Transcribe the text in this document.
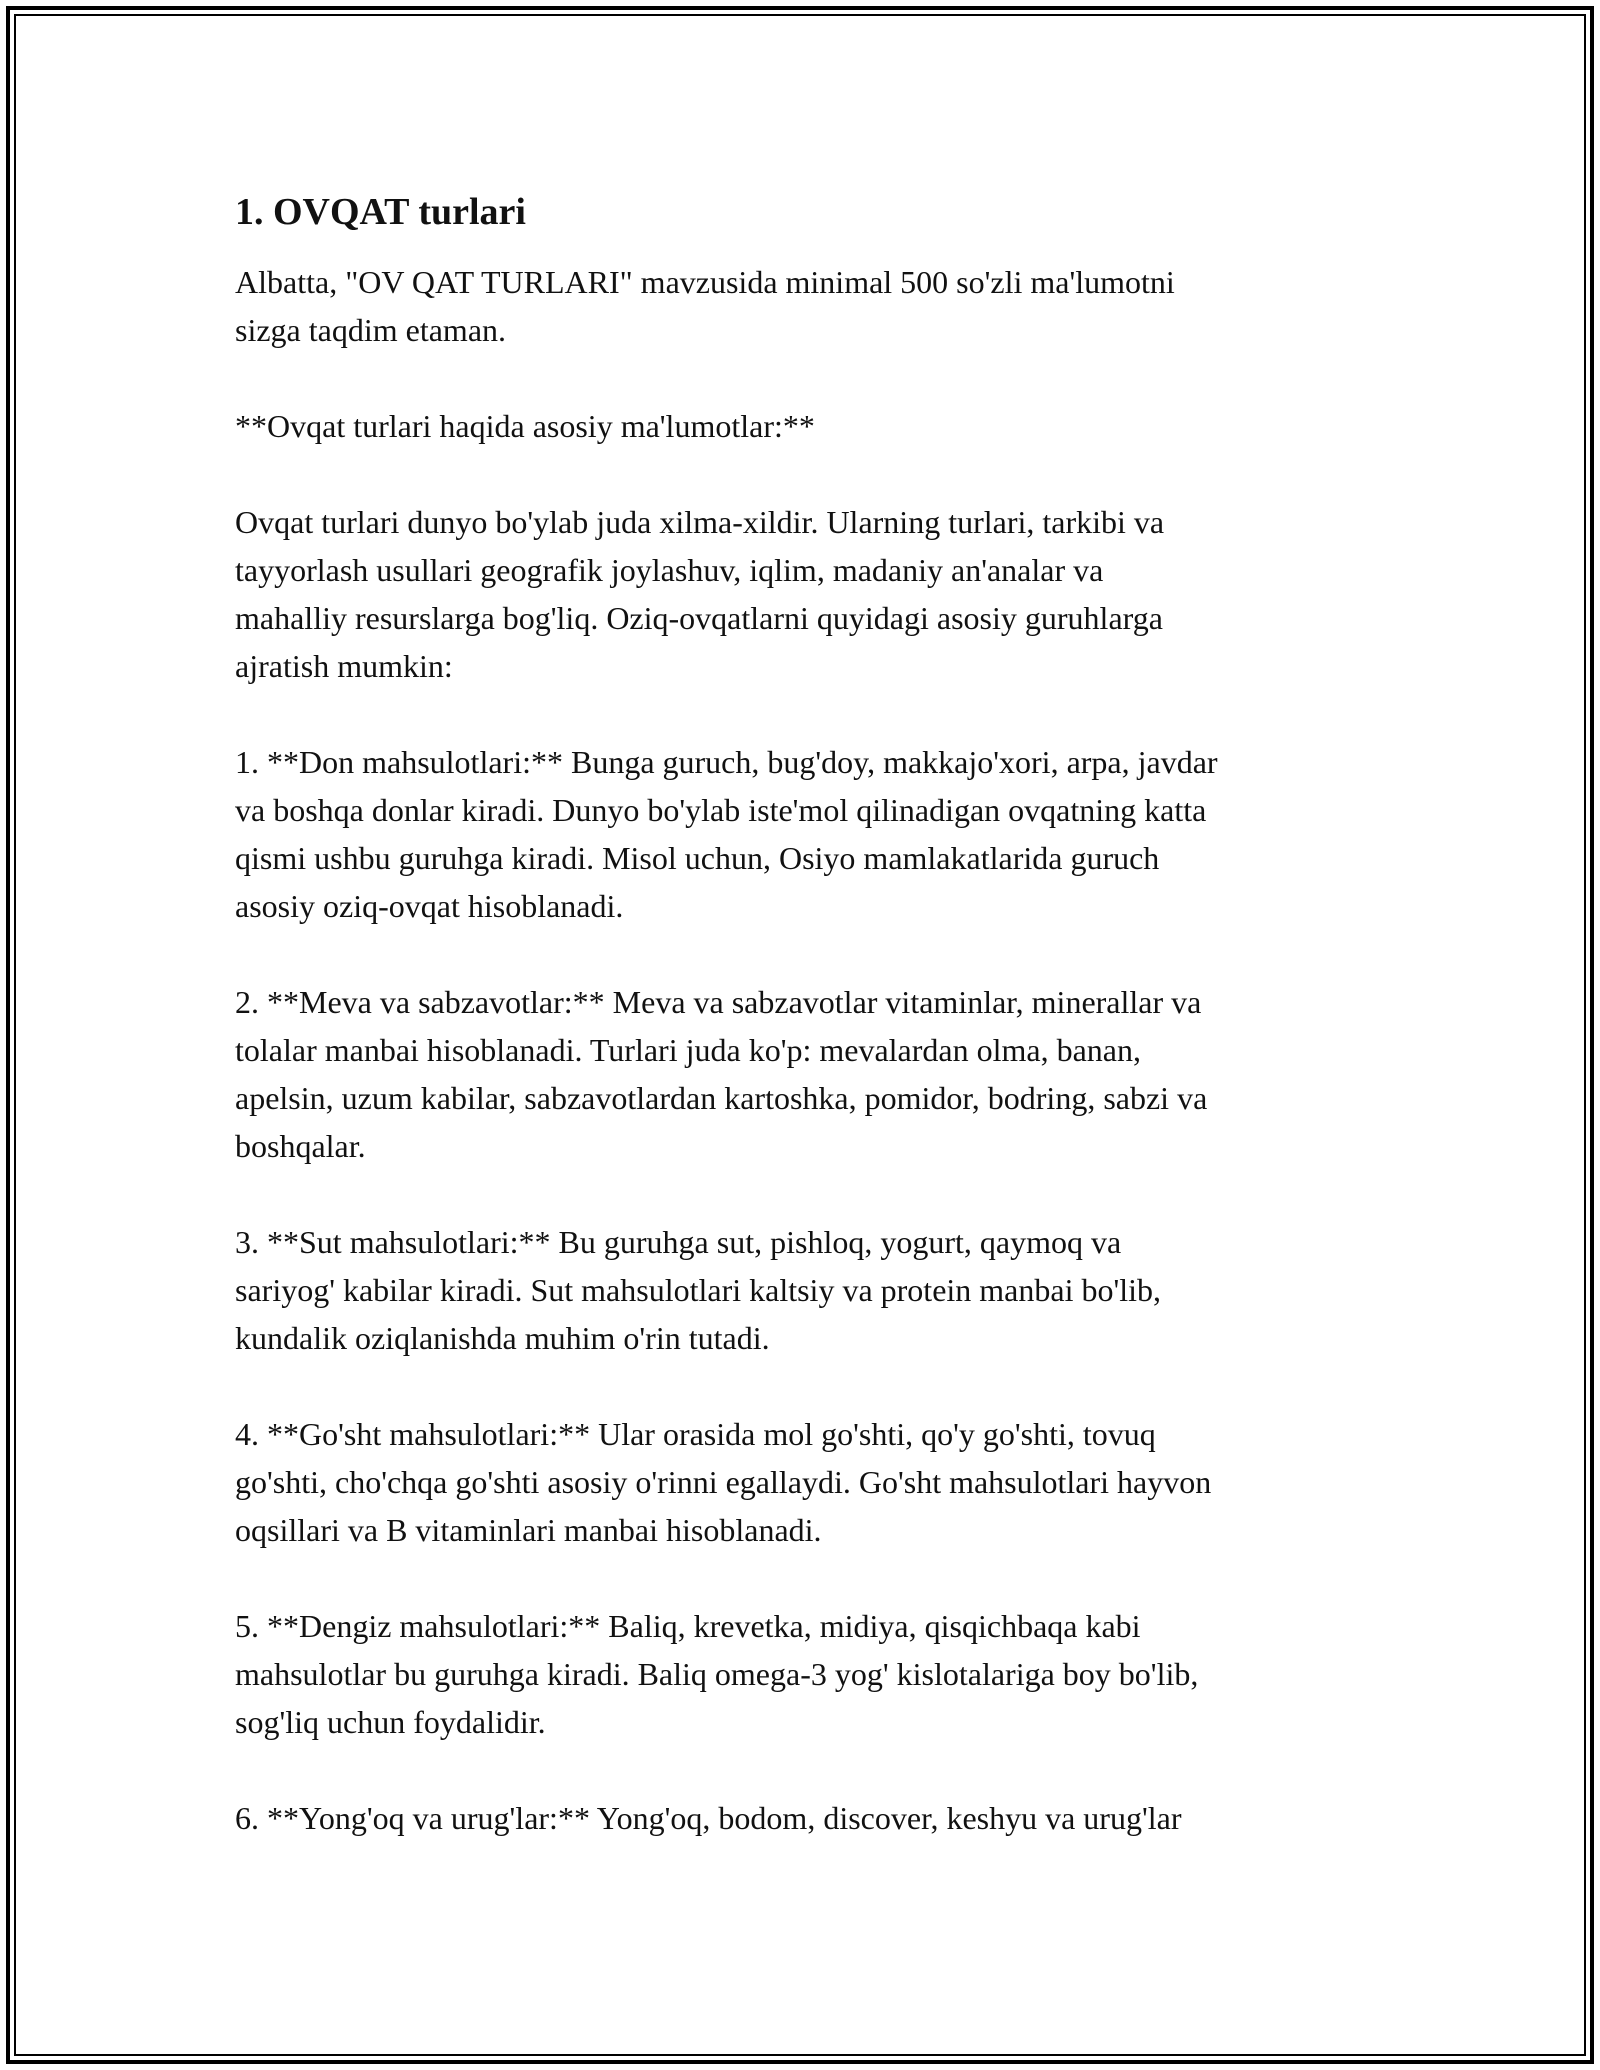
1. OVQAT turlari

Albatta, "OV QAT TURLARI" mavzusida minimal 500 so'zli ma'lumotni
sizga taqdim etaman.

**Ovqat turlari haqida asosiy ma'lumotlar:**

Ovqat turlari dunyo bo'ylab juda xilma-xildir. Ularning turlari, tarkibi va
tayyorlash usullari geografik joylashuv, iqlim, madaniy an'analar va
mahalliy resurslarga bog'liq. Oziq-ovqatlarni quyidagi asosiy guruhlarga
ajratish mumkin:

1. **Don mahsulotlari:** Bunga guruch, bug'doy, makkajo'xori, arpa, javdar
va boshqa donlar kiradi. Dunyo bo'ylab iste'mol qilinadigan ovqatning katta
qismi ushbu guruhga kiradi. Misol uchun, Osiyo mamlakatlarida guruch
asosiy oziq-ovqat hisoblanadi.

2. **Meva va sabzavotlar:** Meva va sabzavotlar vitaminlar, minerallar va
tolalar manbai hisoblanadi. Turlari juda ko'p: mevalardan olma, banan,
apelsin, uzum kabilar, sabzavotlardan kartoshka, pomidor, bodring, sabzi va
boshqalar.

3. **Sut mahsulotlari:** Bu guruhga sut, pishloq, yogurt, qaymoq va
sariyog' kabilar kiradi. Sut mahsulotlari kaltsiy va protein manbai bo'lib,
kundalik oziqlanishda muhim o'rin tutadi.

4. **Go'sht mahsulotlari:** Ular orasida mol go'shti, qo'y go'shti, tovuq
go'shti, cho'chqa go'shti asosiy o'rinni egallaydi. Go'sht mahsulotlari hayvon
oqsillari va B vitaminlari manbai hisoblanadi.

5. **Dengiz mahsulotlari:** Baliq, krevetka, midiya, qisqichbaqa kabi
mahsulotlar bu guruhga kiradi. Baliq omega-3 yog' kislotalariga boy bo'lib,
sog'liq uchun foydalidir.

6. **Yong'oq va urug'lar:** Yong'oq, bodom, discover, keshyu va urug'lar
